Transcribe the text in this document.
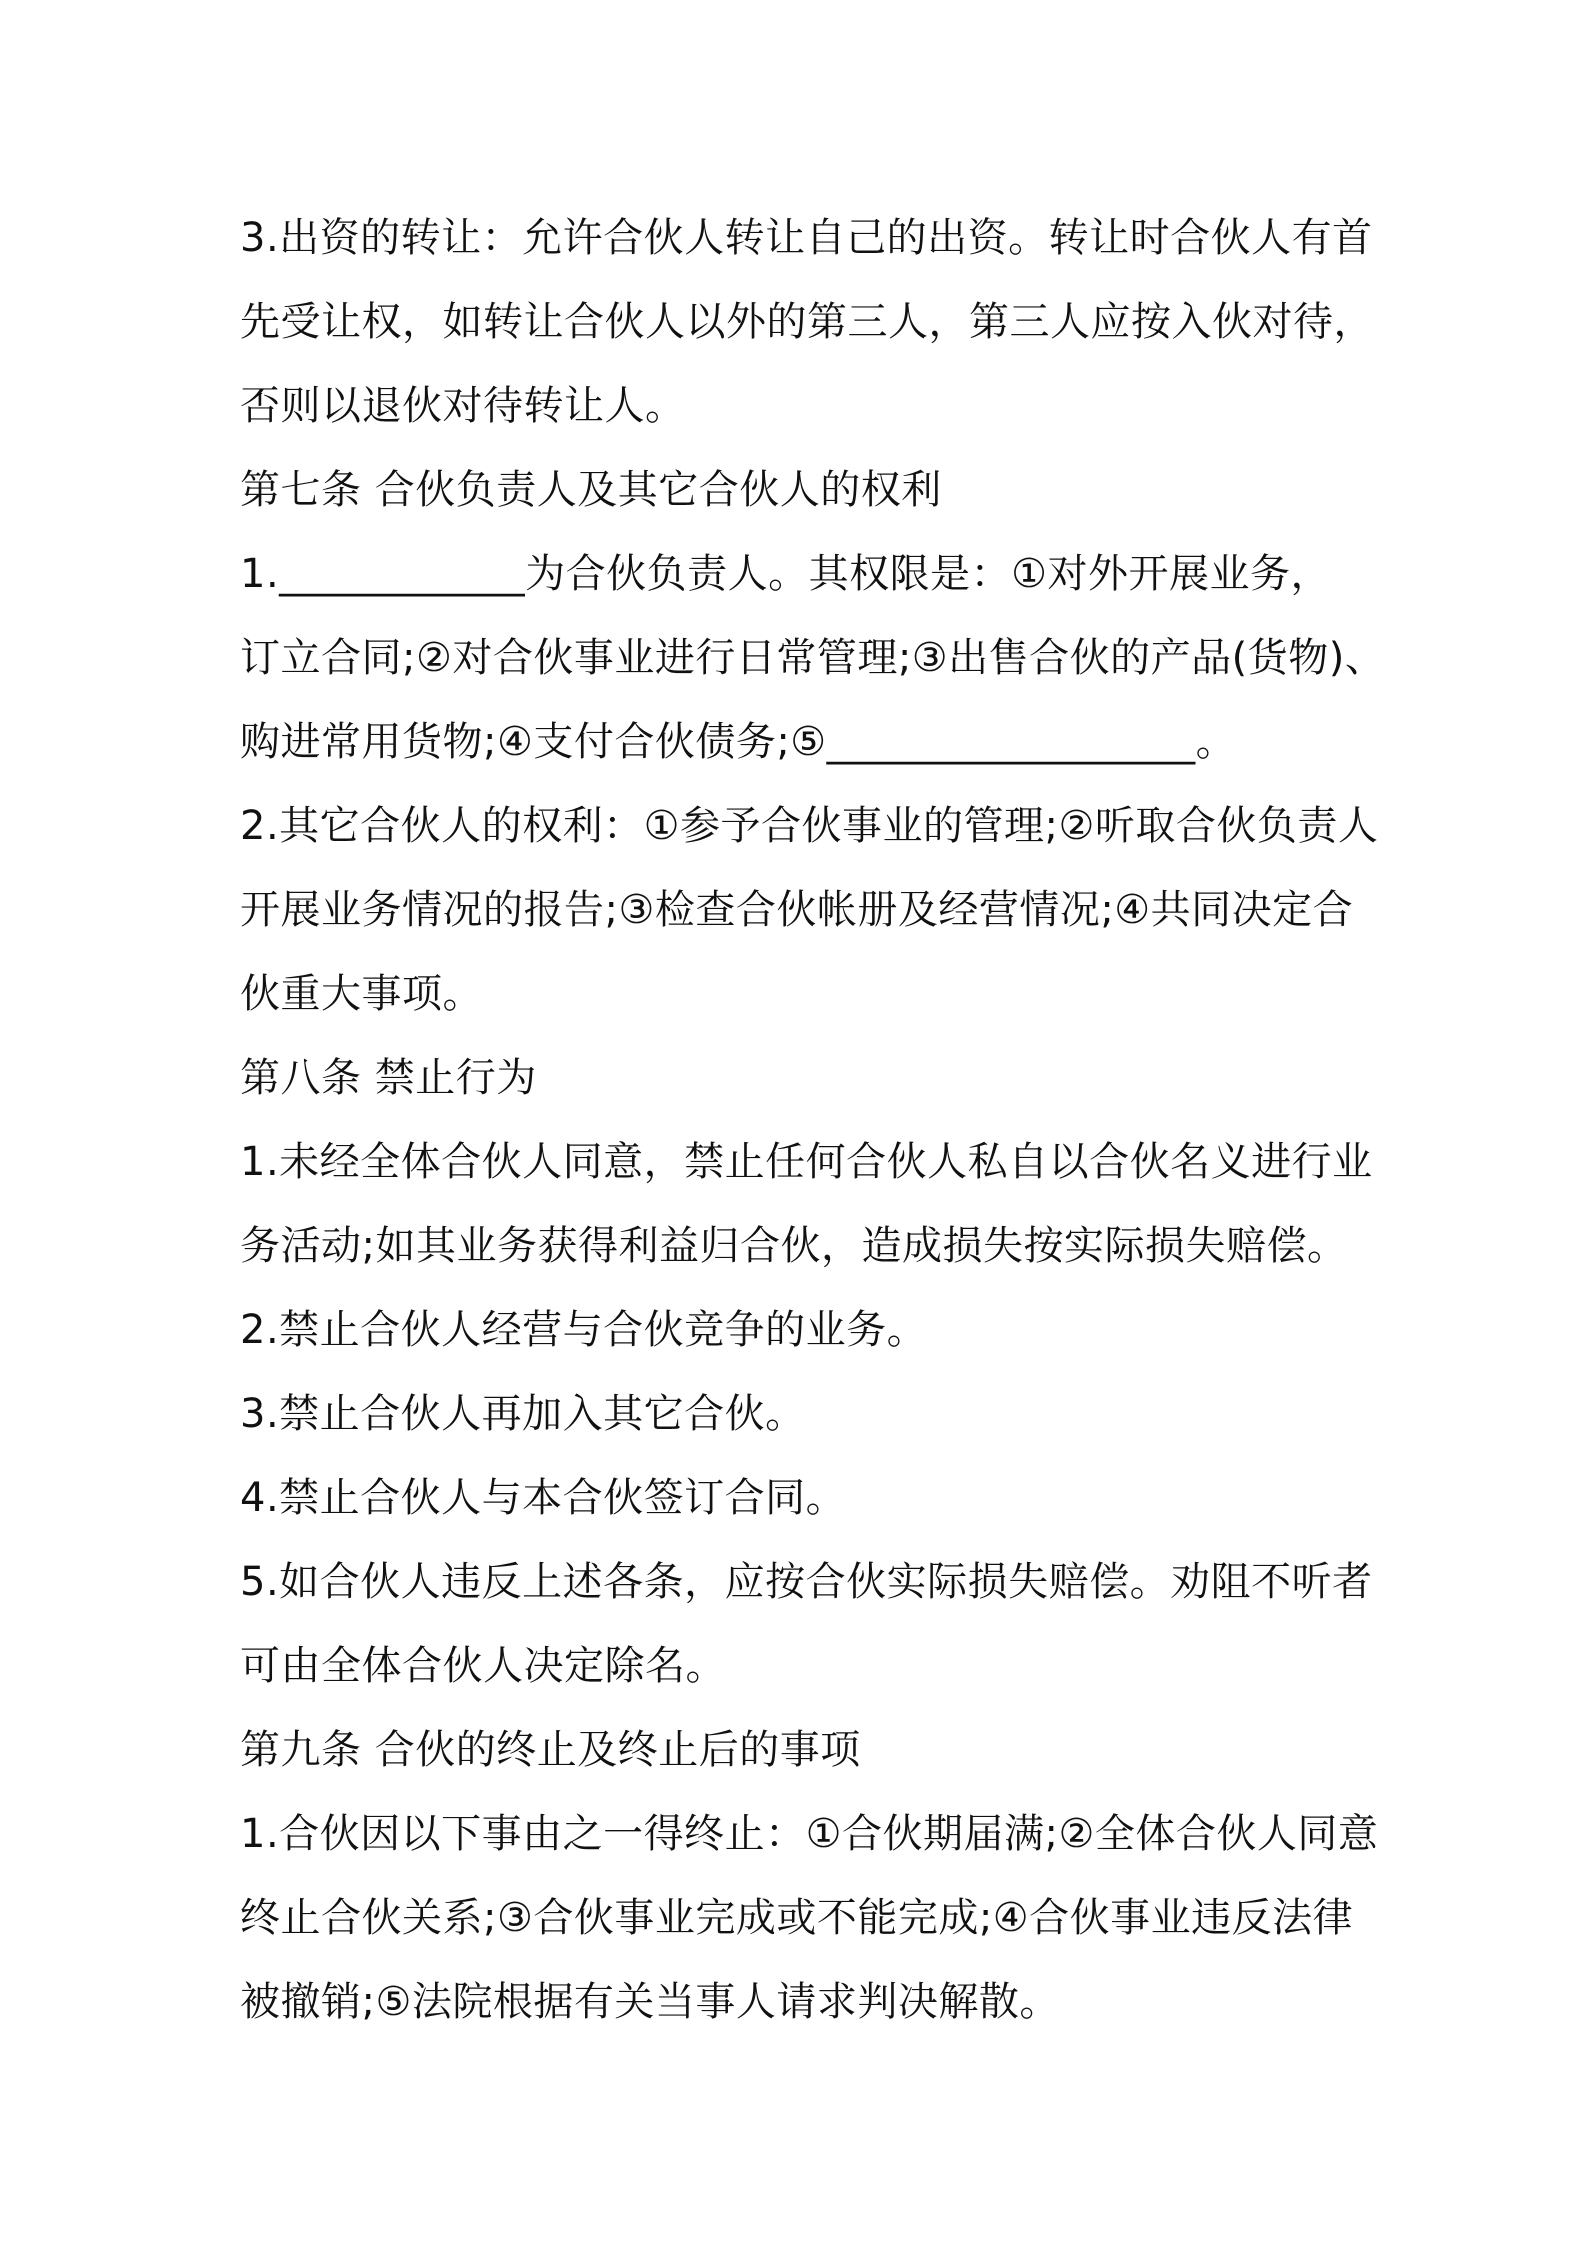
3.出资的转让：允许合伙人转让自己的出资。转让时合伙人有首
先受让权，如转让合伙人以外的第三人，第三人应按入伙对待，
否则以退伙对待转让人。
第七条 合伙负责人及其它合伙人的权利
1.____________为合伙负责人。其权限是：①对外开展业务，
订立合同;②对合伙事业进行日常管理;③出售合伙的产品(货物)、
购进常用货物;④支付合伙债务;⑤__________________。
2.其它合伙人的权利：①参予合伙事业的管理;②听取合伙负责人
开展业务情况的报告;③检查合伙帐册及经营情况;④共同决定合
伙重大事项。
第八条 禁止行为
1.未经全体合伙人同意，禁止任何合伙人私自以合伙名义进行业
务活动;如其业务获得利益归合伙，造成损失按实际损失赔偿。
2.禁止合伙人经营与合伙竞争的业务。
3.禁止合伙人再加入其它合伙。
4.禁止合伙人与本合伙签订合同。
5.如合伙人违反上述各条，应按合伙实际损失赔偿。劝阻不听者
可由全体合伙人决定除名。
第九条 合伙的终止及终止后的事项
1.合伙因以下事由之一得终止：①合伙期届满;②全体合伙人同意
终止合伙关系;③合伙事业完成或不能完成;④合伙事业违反法律
被撤销;⑤法院根据有关当事人请求判决解散。
